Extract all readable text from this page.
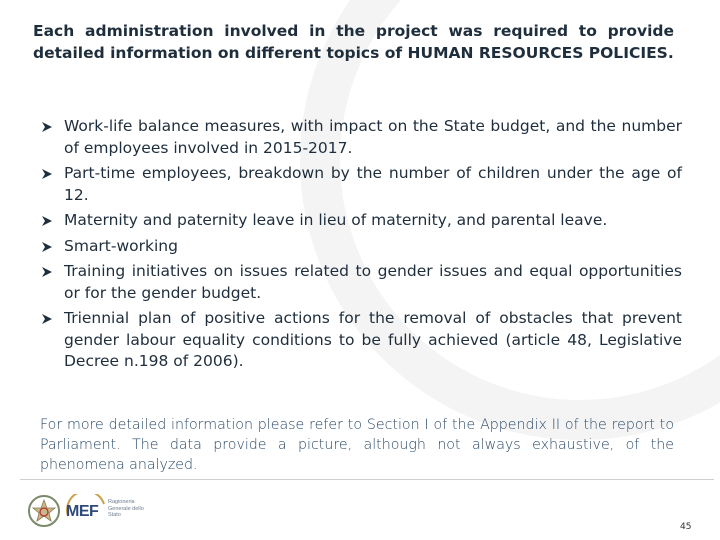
Each administration involved in the project was required to provide detailed information on different topics of HUMAN RESOURCES POLICIES.
Work-life balance measures, with impact on the State budget, and the number of employees involved in 2015-2017.
Part-time employees, breakdown by the number of children under the age of 12.
Maternity and paternity leave in lieu of maternity, and parental leave.
Smart-working
Training initiatives on issues related to gender issues and equal opportunities or for the gender budget.
Triennial plan of positive actions for the removal of obstacles that prevent gender labour equality conditions to be fully achieved (article 48, Legislative Decree n.198 of 2006).
For more detailed information please refer to Section I of the Appendix II of the report to Parliament. The data provide a picture, although not always exhaustive, of the phenomena analyzed.
MEF
Ragioneria Generale dello Stato
45
